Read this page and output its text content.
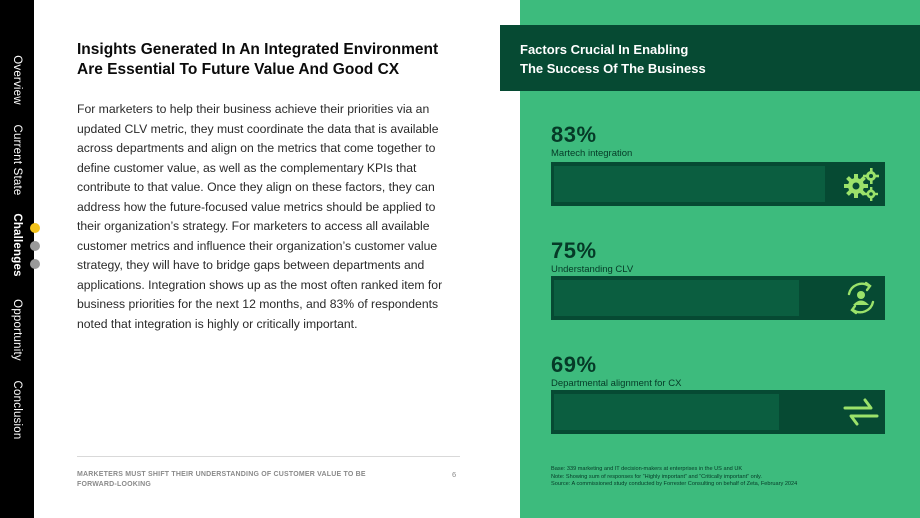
Overview
Current State
Challenges
Opportunity
Conclusion
Insights Generated In An Integrated Environment Are Essential To Future Value And Good CX

For marketers to help their business achieve their priorities via an updated CLV metric, they must coordinate the data that is available across departments and align on the metrics that come together to define customer value, as well as the complementary KPIs that contribute to that value. Once they align on these factors, they can address how the future-focused value metrics should be applied to their organization’s strategy. For marketers to access all available customer metrics and influence their organization’s customer value strategy, they will have to bridge gaps between departments and applications. Integration shows up as the most often ranked item for business priorities for the next 12 months, and 83% of respondents noted that integration is highly or critically important.

MARKETERS MUST SHIFT THEIR UNDERSTANDING OF CUSTOMER VALUE TO BE FORWARD-LOOKING
6
Factors Crucial In Enabling
The Success Of The Business
83%
Martech integration
75%
Understanding CLV
69%
Departmental alignment for CX
Base: 339 marketing and IT decision-makers at enterprises in the US and UK
Note: Showing sum of responses for “Highly important” and “Critically important” only.
Source: A commissioned study conducted by Forrester Consulting on behalf of Zeta, February 2024
